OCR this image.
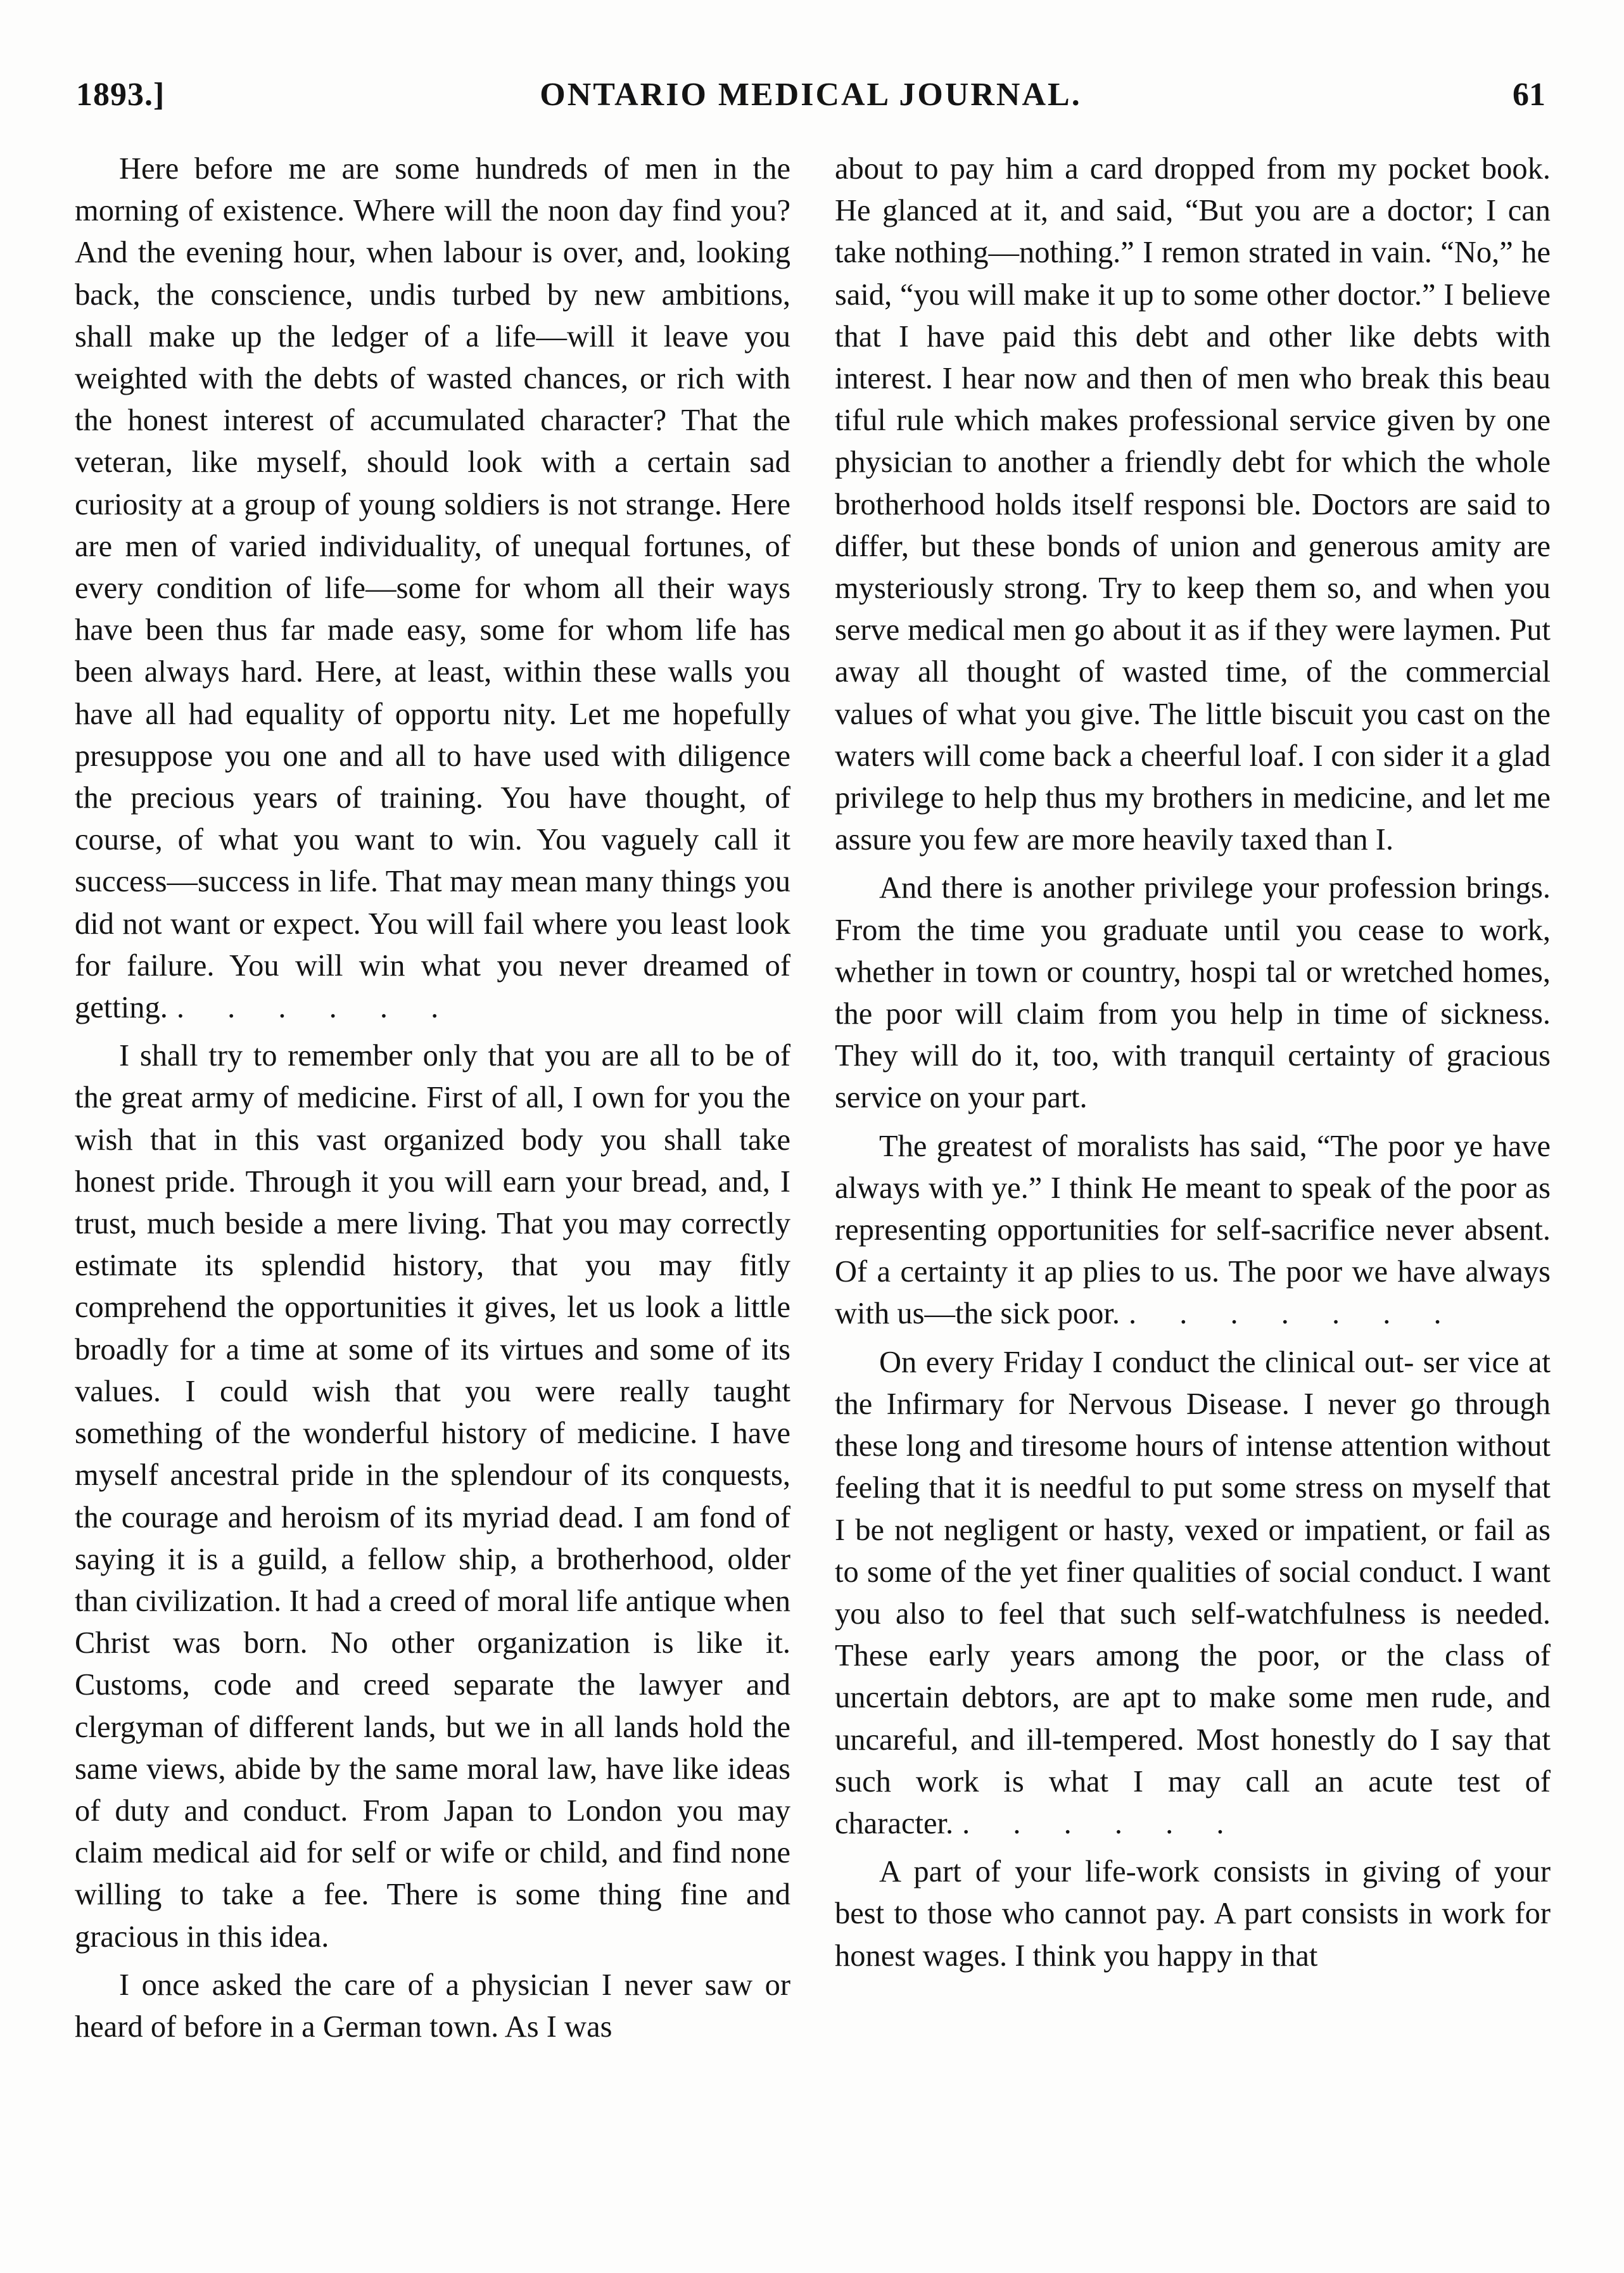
1893.]	ONTARIO MEDICAL JOURNAL.	61

Here before me are some hundreds of men in the morning of existence. Where will the noon day find you? And the evening hour, when labour is over, and, looking back, the conscience, undis turbed by new ambitions, shall make up the ledger of a life—will it leave you weighted with the debts of wasted chances, or rich with the honest interest of accumulated character? That the veteran, like myself, should look with a certain sad curiosity at a group of young soldiers is not strange. Here are men of varied individuality, of unequal fortunes, of every condition of life—some for whom all their ways have been thus far made easy, some for whom life has been always hard. Here, at least, within these walls you have all had equality of opportu nity. Let me hopefully presuppose you one and all to have used with diligence the precious years of training. You have thought, of course, of what you want to win. You vaguely call it success—success in life. That may mean many things you did not want or expect. You will fail where you least look for failure. You will win what you never dreamed of getting. . . . . . .

I shall try to remember only that you are all to be of the great army of medicine. First of all, I own for you the wish that in this vast organized body you shall take honest pride. Through it you will earn your bread, and, I trust, much beside a mere living. That you may correctly estimate its splendid history, that you may fitly comprehend the opportunities it gives, let us look a little broadly for a time at some of its virtues and some of its values. I could wish that you were really taught something of the wonderful history of medicine. I have myself ancestral pride in the splendour of its conquests, the courage and heroism of its myriad dead. I am fond of saying it is a guild, a fellow ship, a brotherhood, older than civilization. It had a creed of moral life antique when Christ was born. No other organization is like it. Customs, code and creed separate the lawyer and clergyman of different lands, but we in all lands hold the same views, abide by the same moral law, have like ideas of duty and conduct. From Japan to London you may claim medical aid for self or wife or child, and find none willing to take a fee. There is some thing fine and gracious in this idea.

I once asked the care of a physician I never saw or heard of before in a German town. As I was

about to pay him a card dropped from my pocket book. He glanced at it, and said, “But you are a doctor; I can take nothing—nothing.” I remon strated in vain. “No,” he said, “you will make it up to some other doctor.” I believe that I have paid this debt and other like debts with interest. I hear now and then of men who break this beau tiful rule which makes professional service given by one physician to another a friendly debt for which the whole brotherhood holds itself responsi ble. Doctors are said to differ, but these bonds of union and generous amity are mysteriously strong. Try to keep them so, and when you serve medical men go about it as if they were laymen. Put away all thought of wasted time, of the commercial values of what you give. The little biscuit you cast on the waters will come back a cheerful loaf. I con sider it a glad privilege to help thus my brothers in medicine, and let me assure you few are more heavily taxed than I.

And there is another privilege your profession brings. From the time you graduate until you cease to work, whether in town or country, hospi tal or wretched homes, the poor will claim from you help in time of sickness. They will do it, too, with tranquil certainty of gracious service on your part.

The greatest of moralists has said, “The poor ye have always with ye.” I think He meant to speak of the poor as representing opportunities for self-sacrifice never absent. Of a certainty it ap plies to us. The poor we have always with us—the sick poor. . . . . . . .

On every Friday I conduct the clinical out- ser vice at the Infirmary for Nervous Disease. I never go through these long and tiresome hours of intense attention without feeling that it is needful to put some stress on myself that I be not negligent or hasty, vexed or impatient, or fail as to some of the yet finer qualities of social conduct. I want you also to feel that such self-watchfulness is needed. These early years among the poor, or the class of uncertain debtors, are apt to make some men rude, and uncareful, and ill-tempered. Most honestly do I say that such work is what I may call an acute test of character. . . . . . .

A part of your life-work consists in giving of your best to those who cannot pay. A part consists in work for honest wages. I think you happy in that
